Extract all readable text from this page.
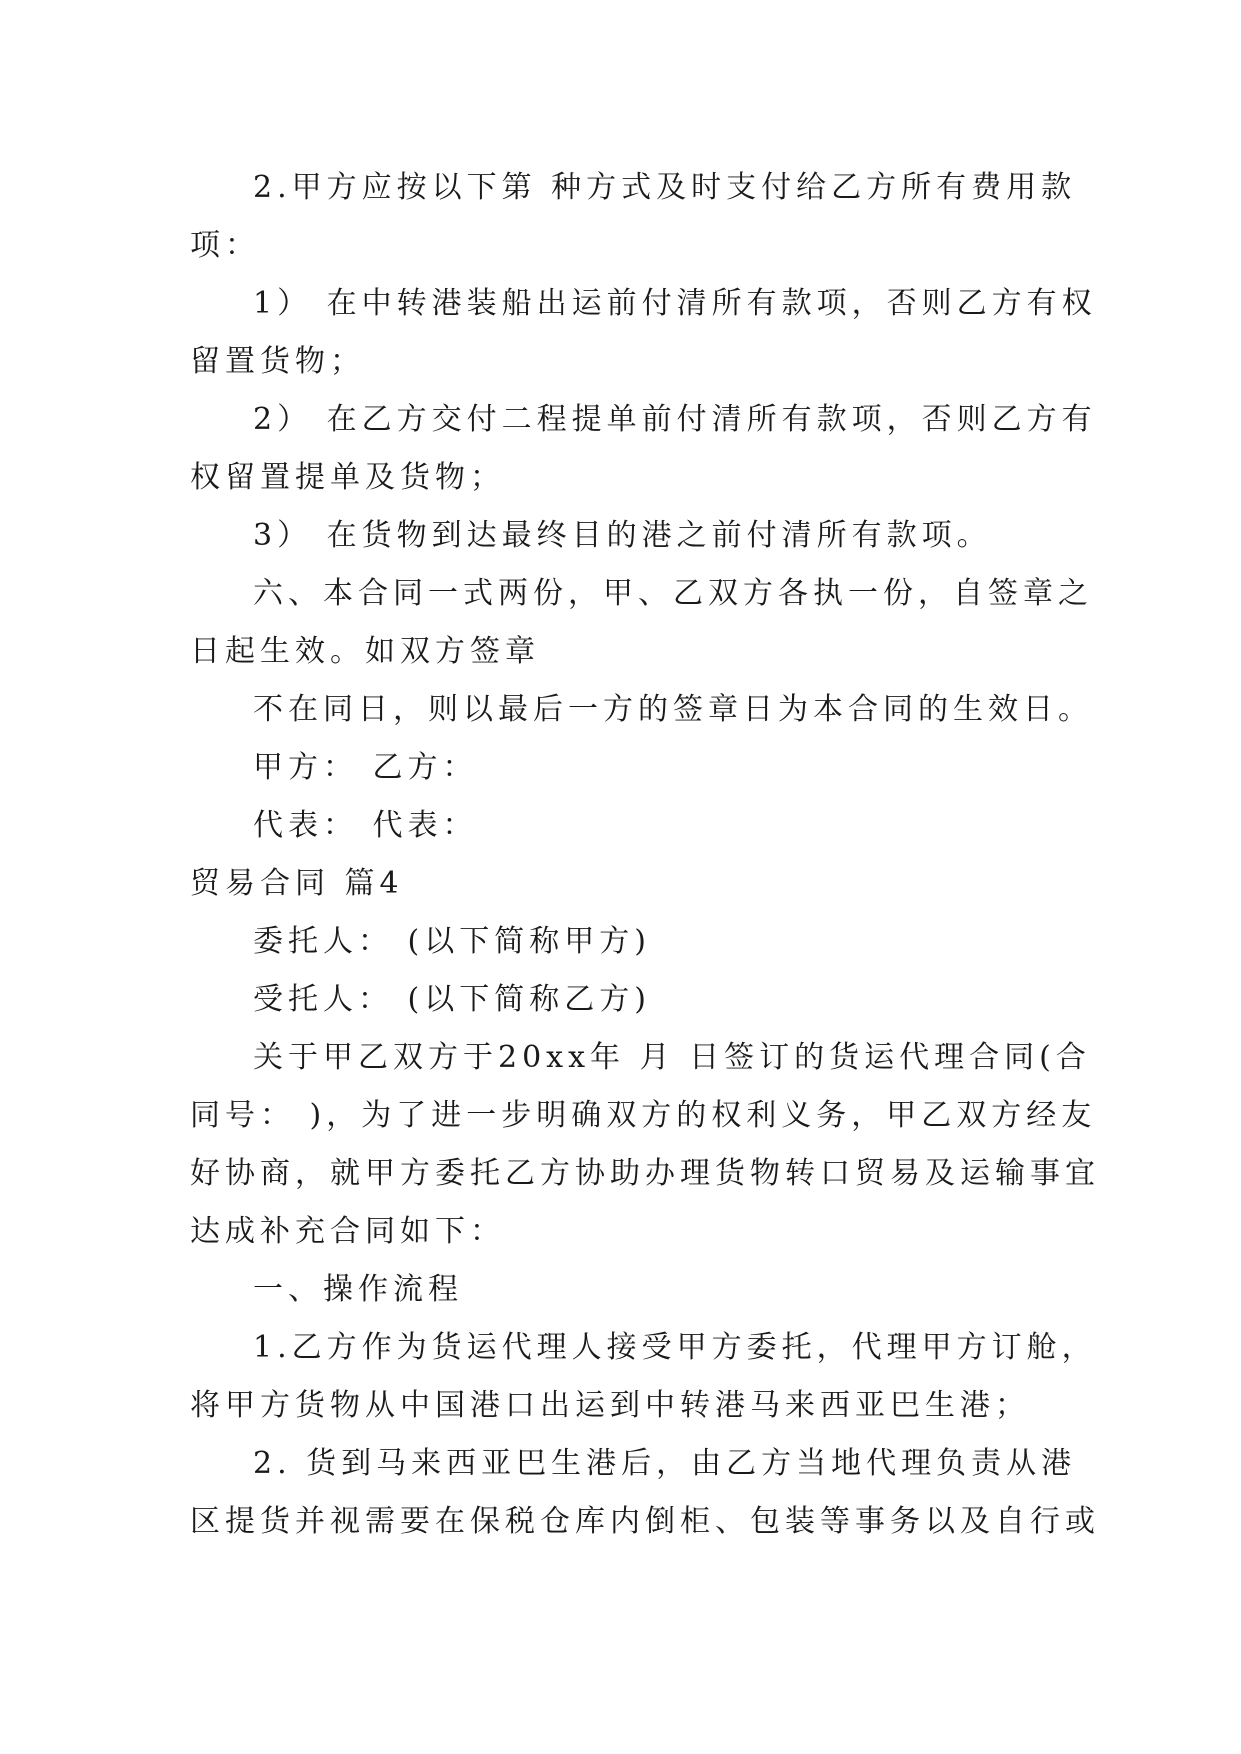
2.甲方应按以下第 种方式及时支付给乙方所有费用款
项：
1） 在中转港装船出运前付清所有款项，否则乙方有权
留置货物；
2） 在乙方交付二程提单前付清所有款项，否则乙方有
权留置提单及货物；
3） 在货物到达最终目的港之前付清所有款项。
六、本合同一式两份，甲、乙双方各执一份，自签章之
日起生效。如双方签章
不在同日，则以最后一方的签章日为本合同的生效日。
甲方： 乙方：
代表： 代表：
贸易合同 篇4
委托人： (以下简称甲方)
受托人： (以下简称乙方)
关于甲乙双方于20xx年 月 日签订的货运代理合同(合
同号： )，为了进一步明确双方的权利义务，甲乙双方经友
好协商，就甲方委托乙方协助办理货物转口贸易及运输事宜
达成补充合同如下：
一、操作流程
1.乙方作为货运代理人接受甲方委托，代理甲方订舱，
将甲方货物从中国港口出运到中转港马来西亚巴生港；
2. 货到马来西亚巴生港后，由乙方当地代理负责从港
区提货并视需要在保税仓库内倒柜、包装等事务以及自行或
